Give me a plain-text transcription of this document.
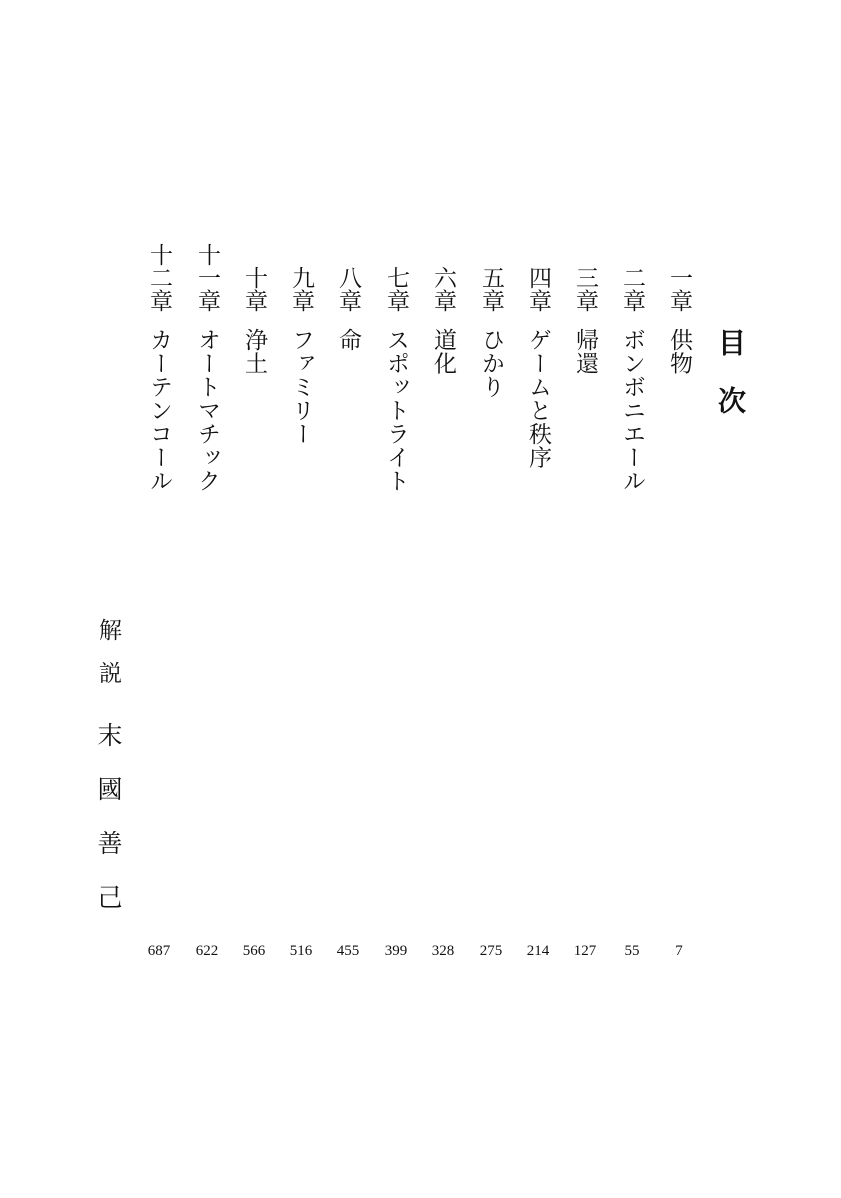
目次
一章
供物
二章
ボンボニエール
三章
帰還
四章
ゲームと秩序
五章
ひかり
六章
道化
七章
スポットライト
八章
命
九章
ファミリー
十章
浄土
十一章
オートマチック
十二章
カーテンコール
解説
末國善己
7
55
127
214
275
328
399
455
516
566
622
687
